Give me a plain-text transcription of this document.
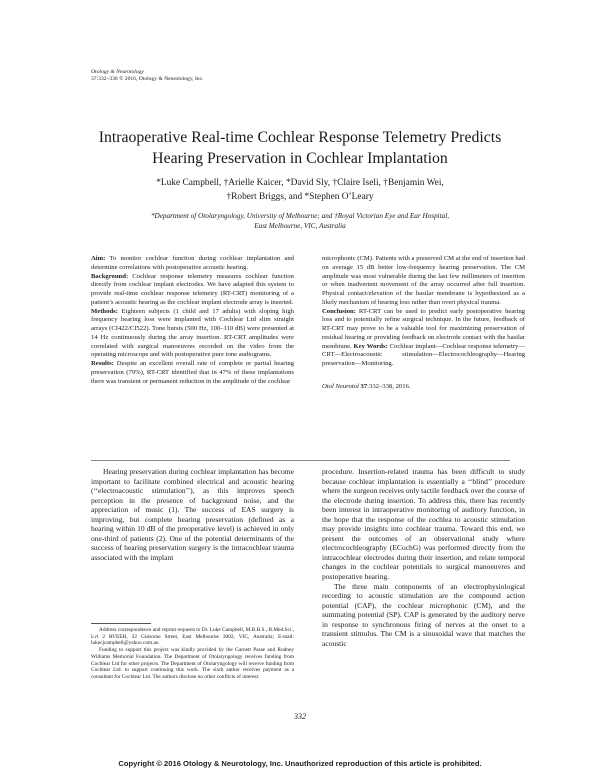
Otology & Neurotology
37:332–338 © 2016, Otology & Neurotology, Inc.
Intraoperative Real-time Cochlear Response Telemetry Predicts
Hearing Preservation in Cochlear Implantation
*Luke Campbell, †Arielle Kaicer, *David Sly, †Claire Iseli, †Benjamin Wei,
†Robert Briggs, and *Stephen O’Leary
*Department of Otolaryngology, University of Melbourne; and †Royal Victorian Eye and Ear Hospital,
East Melbourne, VIC, Australia

Aim: To monitor cochlear function during cochlear implantation and determine correlations with postoperative acoustic hearing.

Background: Cochlear response telemetry measures cochlear function directly from cochlear implant electrodes. We have adapted this system to provide real-time cochlear response telemetry (RT-CRT) monitoring of a patient’s acoustic hearing as the cochlear implant electrode array is inserted.

Methods: Eighteen subjects (1 child and 17 adults) with sloping high frequency hearing loss were implanted with Cochlear Ltd slim straight arrays (CI422/CI522). Tone bursts (500 Hz, 100–110 dB) were presented at 14 Hz continuously during the array insertion. RT-CRT amplitudes were correlated with surgical manoeuvres recorded on the video from the operating microscope and with postoperative pure tone audiograms.

Results: Despite an excellent overall rate of complete or partial hearing preservation (79%), RT-CRT identified that in 47% of these implantations there was transient or permanent reduction in the amplitude of the cochlear

microphonic (CM). Patients with a preserved CM at the end of insertion had on average 15 dB better low-frequency hearing preservation. The CM amplitude was most vulnerable during the last few millimeters of insertion or when inadvertent movement of the array occurred after full insertion. Physical contact/elevation of the basilar membrane is hypothesized as a likely mechanism of hearing loss rather than overt physical trauma.

Conclusion: RT-CRT can be used to predict early postoperative hearing loss and to potentially refine surgical technique. In the future, feedback of RT-CRT may prove to be a valuable tool for maximizing preservation of residual hearing or providing feedback on electrode contact with the basilar membrane. Key Words: Cochlear implant—Cochlear response telemetry—CRT—Electroacoustic stimulation—Electrocochleography—Hearing preservation—Monitoring.

Otol Neurotol 37:332–338, 2016.

Hearing preservation during cochlear implantation has become important to facilitate combined electrical and acoustic hearing (‘‘electroacoustic stimulation’’), as this improves speech perception in the presence of background noise, and the appreciation of music (1). The success of EAS surgery is improving, but complete hearing preservation (defined as a hearing within 10 dB of the preoperative level) is achieved in only one-third of patients (2). One of the potential determinants of the success of hearing preservation surgery is the intracochlear trauma associated with the implant

procedure. Insertion-related trauma has been difficult to study because cochlear implantation is essentially a ‘‘blind’’ procedure where the surgeon receives only tactile feedback over the course of the electrode during insertion. To address this, there has recently been interest in intraoperative monitoring of auditory function, in the hope that the response of the cochlea to acoustic stimulation may provide insights into cochlear trauma. Toward this end, we present the outcomes of an observational study where electrocochleography (ECochG) was performed directly from the intracochlear electrodes during their insertion, and relate temporal changes in the cochlear potentials to surgical manoeuvres and postoperative hearing.

The three main components of an electrophysiological recording to acoustic stimulation are the compound action potential (CAP), the cochlear microphonic (CM), and the summating potential (SP). CAP is generated by the auditory nerve in response to synchronous firing of nerves at the onset to a transient stimulus. The CM is a sinusoidal wave that matches the acoustic

Address correspondence and reprint requests to Dr. Luke Campbell, M.B.B.S., B.Med.Sci., Lvl 2 RVEEH, 32 Gisborne Street, East Melbourne 3002, VIC, Australia; E-mail: lukecjcampbell@yahoo.com.au

Funding to support this project was kindly provided by the Garnett Passe and Rodney Williams Memorial Foundation. The Department of Otolaryngology receives funding from Cochlear Ltd for other projects. The Department of Otolaryngology will receive funding from Cochlear Ltd. to support continuing this work. The sixth author receives payment as a consultant for Cochlear Ltd. The authors disclose no other conflicts of interest.

332
Copyright © 2016 Otology & Neurotology, Inc. Unauthorized reproduction of this article is prohibited.
